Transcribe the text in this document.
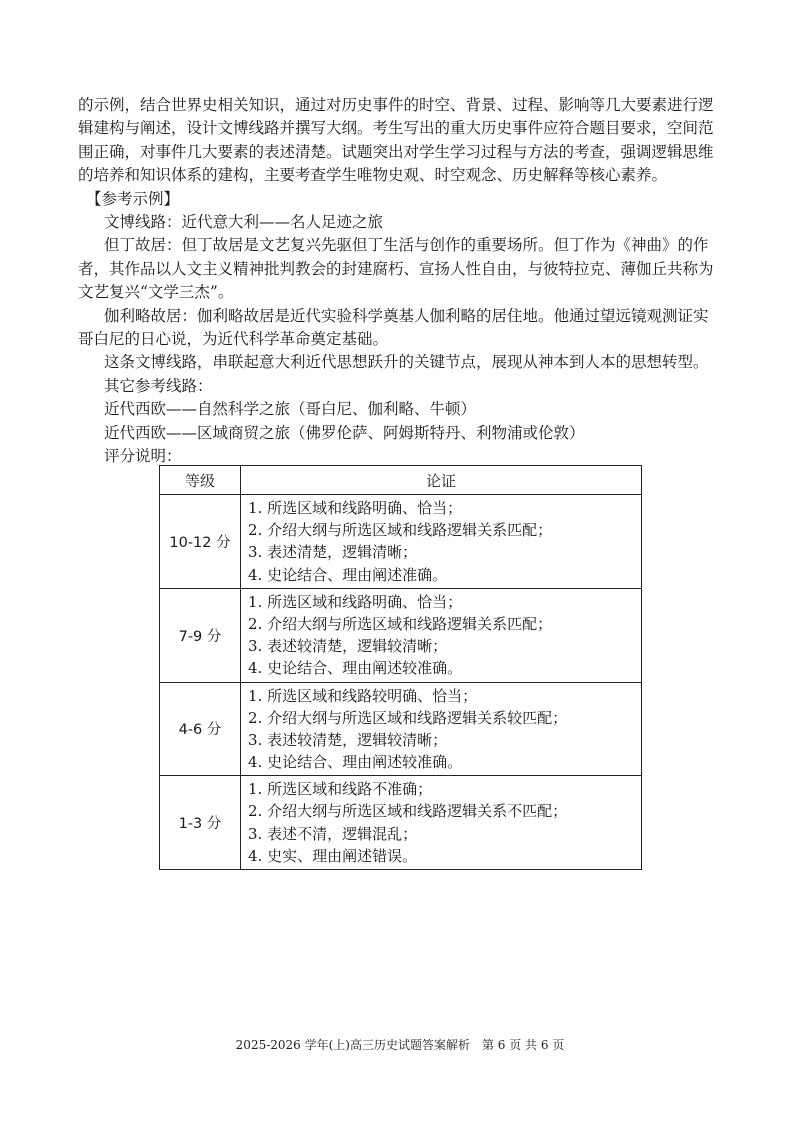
的示例，结合世界史相关知识，通过对历史事件的时空、背景、过程、影响等几大要素进行逻

辑建构与阐述，设计文博线路并撰写大纲。考生写出的重大历史事件应符合题目要求，空间范

围正确，对事件几大要素的表述清楚。试题突出对学生学习过程与方法的考查，强调逻辑思维

的培养和知识体系的建构，主要考查学生唯物史观、时空观念、历史解释等核心素养。

【参考示例】

文博线路：近代意大利——名人足迹之旅

但丁故居：但丁故居是文艺复兴先驱但丁生活与创作的重要场所。但丁作为《神曲》的作

者，其作品以人文主义精神批判教会的封建腐朽、宣扬人性自由，与彼特拉克、薄伽丘共称为

文艺复兴“文学三杰”。

伽利略故居：伽利略故居是近代实验科学奠基人伽利略的居住地。他通过望远镜观测证实

哥白尼的日心说，为近代科学革命奠定基础。

这条文博线路，串联起意大利近代思想跃升的关键节点，展现从神本到人本的思想转型。

其它参考线路：

近代西欧——自然科学之旅（哥白尼、伽利略、牛顿）

近代西欧——区域商贸之旅（佛罗伦萨、阿姆斯特丹、利物浦或伦敦）

评分说明：

等级	论证
10-12 分	1. 所选区域和线路明确、恰当；
2. 介绍大纲与所选区域和线路逻辑关系匹配；
3. 表述清楚，逻辑清晰；
4. 史论结合、理由阐述准确。

7-9 分	1. 所选区域和线路明确、恰当；
2. 介绍大纲与所选区域和线路逻辑关系匹配；
3. 表述较清楚，逻辑较清晰；
4. 史论结合、理由阐述较准确。

4-6 分	1. 所选区域和线路较明确、恰当；
2. 介绍大纲与所选区域和线路逻辑关系较匹配；
3. 表述较清楚，逻辑较清晰；
4. 史论结合、理由阐述较准确。

1-3 分	1. 所选区域和线路不准确；
2. 介绍大纲与所选区域和线路逻辑关系不匹配；
3. 表述不清，逻辑混乱；
4. 史实、理由阐述错误。
2025-2026 学年(上)高三历史试题答案解析　第 6 页 共 6 页
